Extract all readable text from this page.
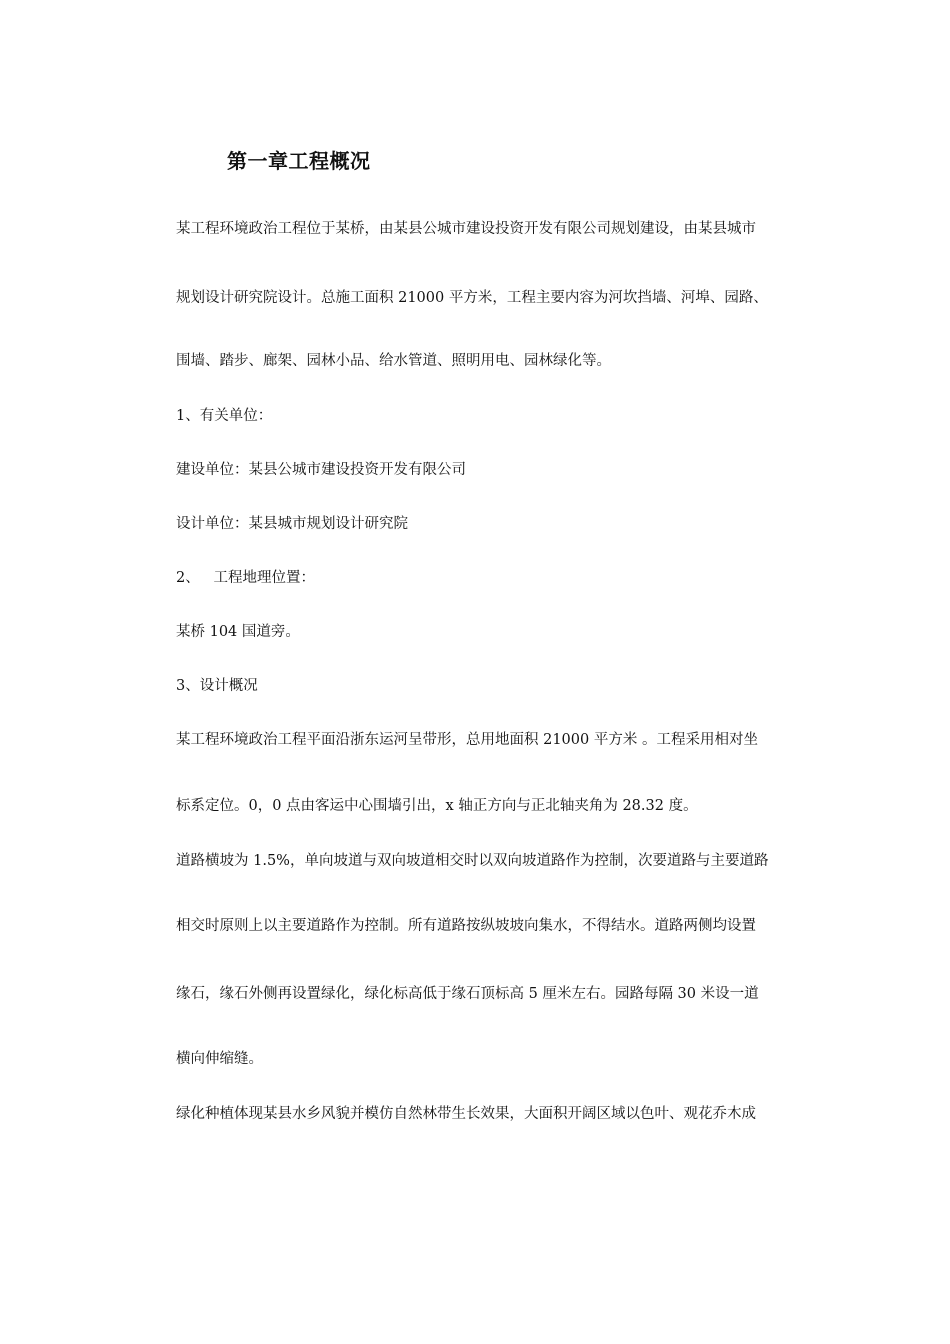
第一章工程概况
某工程环境政治工程位于某桥，由某县公城市建设投资开发有限公司规划建设，由某县城市
规划设计研究院设计。总施工面积 21000 平方米，工程主要内容为河坎挡墙、河埠、园路、
围墙、踏步、廊架、园林小品、给水管道、照明用电、园林绿化等。
1、有关单位：
建设单位：某县公城市建设投资开发有限公司
设计单位：某县城市规划设计研究院
2、   工程地理位置：
某桥 104 国道旁。
3、设计概况
某工程环境政治工程平面沿浙东运河呈带形，总用地面积 21000 平方米 。工程采用相对坐
标系定位。0，0 点由客运中心围墙引出，x 轴正方向与正北轴夹角为 28.32 度。
道路横坡为 1.5%，单向坡道与双向坡道相交时以双向坡道路作为控制，次要道路与主要道路
相交时原则上以主要道路作为控制。所有道路按纵坡坡向集水，不得结水。道路两侧均设置
缘石，缘石外侧再设置绿化，绿化标高低于缘石顶标高 5 厘米左右。园路每隔 30 米设一道
横向伸缩缝。
绿化种植体现某县水乡风貌并模仿自然林带生长效果，大面积开阔区域以色叶、观花乔木成
